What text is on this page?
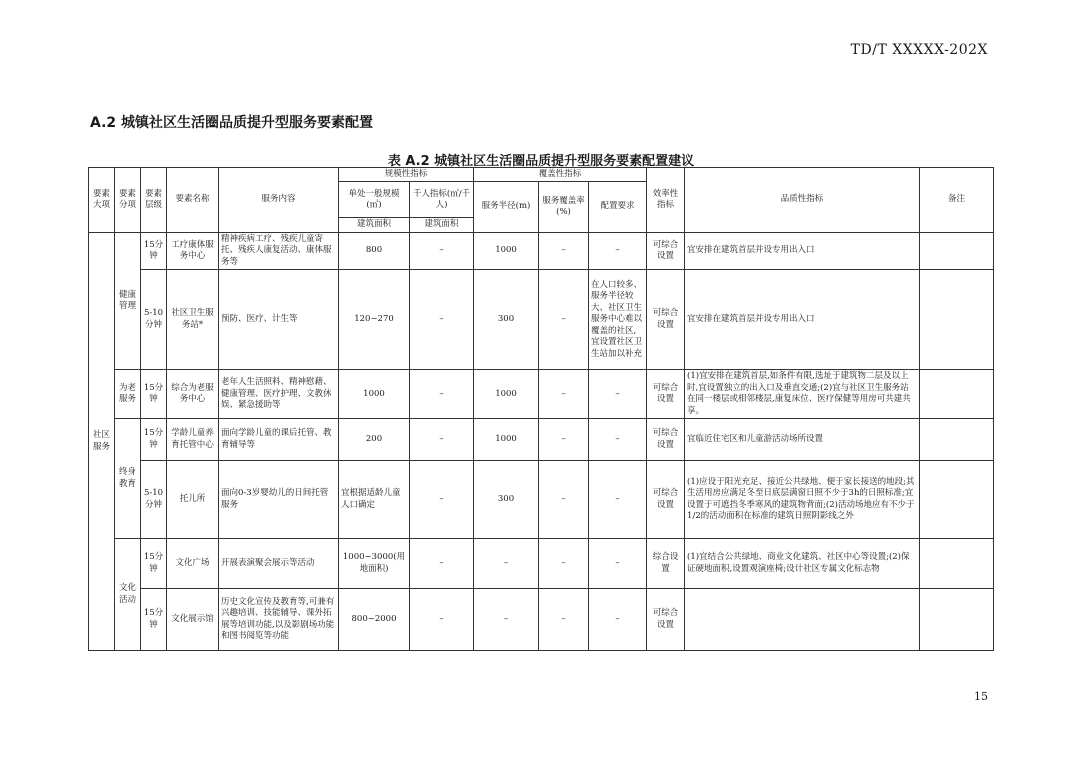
TD/T XXXXX-202X
A.2 城镇社区生活圈品质提升型服务要素配置
表 A.2 城镇社区生活圈品质提升型服务要素配置建议
要素大项	要素分项	要素层级	要素名称	服务内容	规模性指标		覆盖性指标			效率性指标	品质性指标	备注
					单处一般规模(㎡)	千人指标(㎡/千人)	服务半径(m)	服务覆盖率(%)	配置要求			
					建筑面积	建筑面积						
社区服务	健康管理	15分钟	工疗康体服务中心	精神疾病工疗、残疾儿童寄托、残疾人康复活动、康体服务等	800	–	1000	–	–	可综合设置	宜安排在建筑首层并设专用出入口	
		5-10分钟	社区卫生服务站*	预防、医疗、计生等	120~270	–	300	–	在人口较多、服务半径较大、社区卫生服务中心难以覆盖的社区,宜设置社区卫生站加以补充	可综合设置	宜安排在建筑首层并设专用出入口	
	为老服务	15分钟	综合为老服务中心	老年人生活照料、精神慰藉、健康管理、医疗护理、文教休娱、紧急援助等	1000	–	1000	–	–	可综合设置	(1)宜安排在建筑首层,如条件有限,选址于建筑物二层及以上时,宜设置独立的出入口及垂直交通;(2)宜与社区卫生服务站在同一楼层或相邻楼层,康复床位、医疗保健等用房可共建共享。	
	终身教育	15分钟	学龄儿童养育托管中心	面向学龄儿童的课后托管、教育辅导等	200	–	1000	–	–	可综合设置	宜临近住宅区和儿童游活动场所设置	
		5-10分钟	托儿所	面向0-3岁婴幼儿的日间托管服务	宜根据适龄儿童人口确定	–	300	–	–	可综合设置	(1)应设于阳光充足、接近公共绿地、便于家长接送的地段;其生活用房应满足冬至日底层满窗日照不少于3h的日照标准;宜设置于可遮挡冬季寒风的建筑物背面;(2)活动场地应有不少于1/2的活动面积在标准的建筑日照阴影线之外	
	文化活动	15分钟	文化广场	开展表演聚会展示等活动	1000~3000(用地面积)	–	–	–	–	综合设置	(1)宜结合公共绿地、商业文化建筑、社区中心等设置;(2)保证硬地面积,设置观演座椅;设计社区专属文化标志物	
		15分钟	文化展示馆	历史文化宣传及教育等,可兼有兴趣培训、技能辅导、课外拓展等培训功能,以及影剧场功能和图书阅览等功能	800~2000	–	–	–	–	可综合设置		
15
